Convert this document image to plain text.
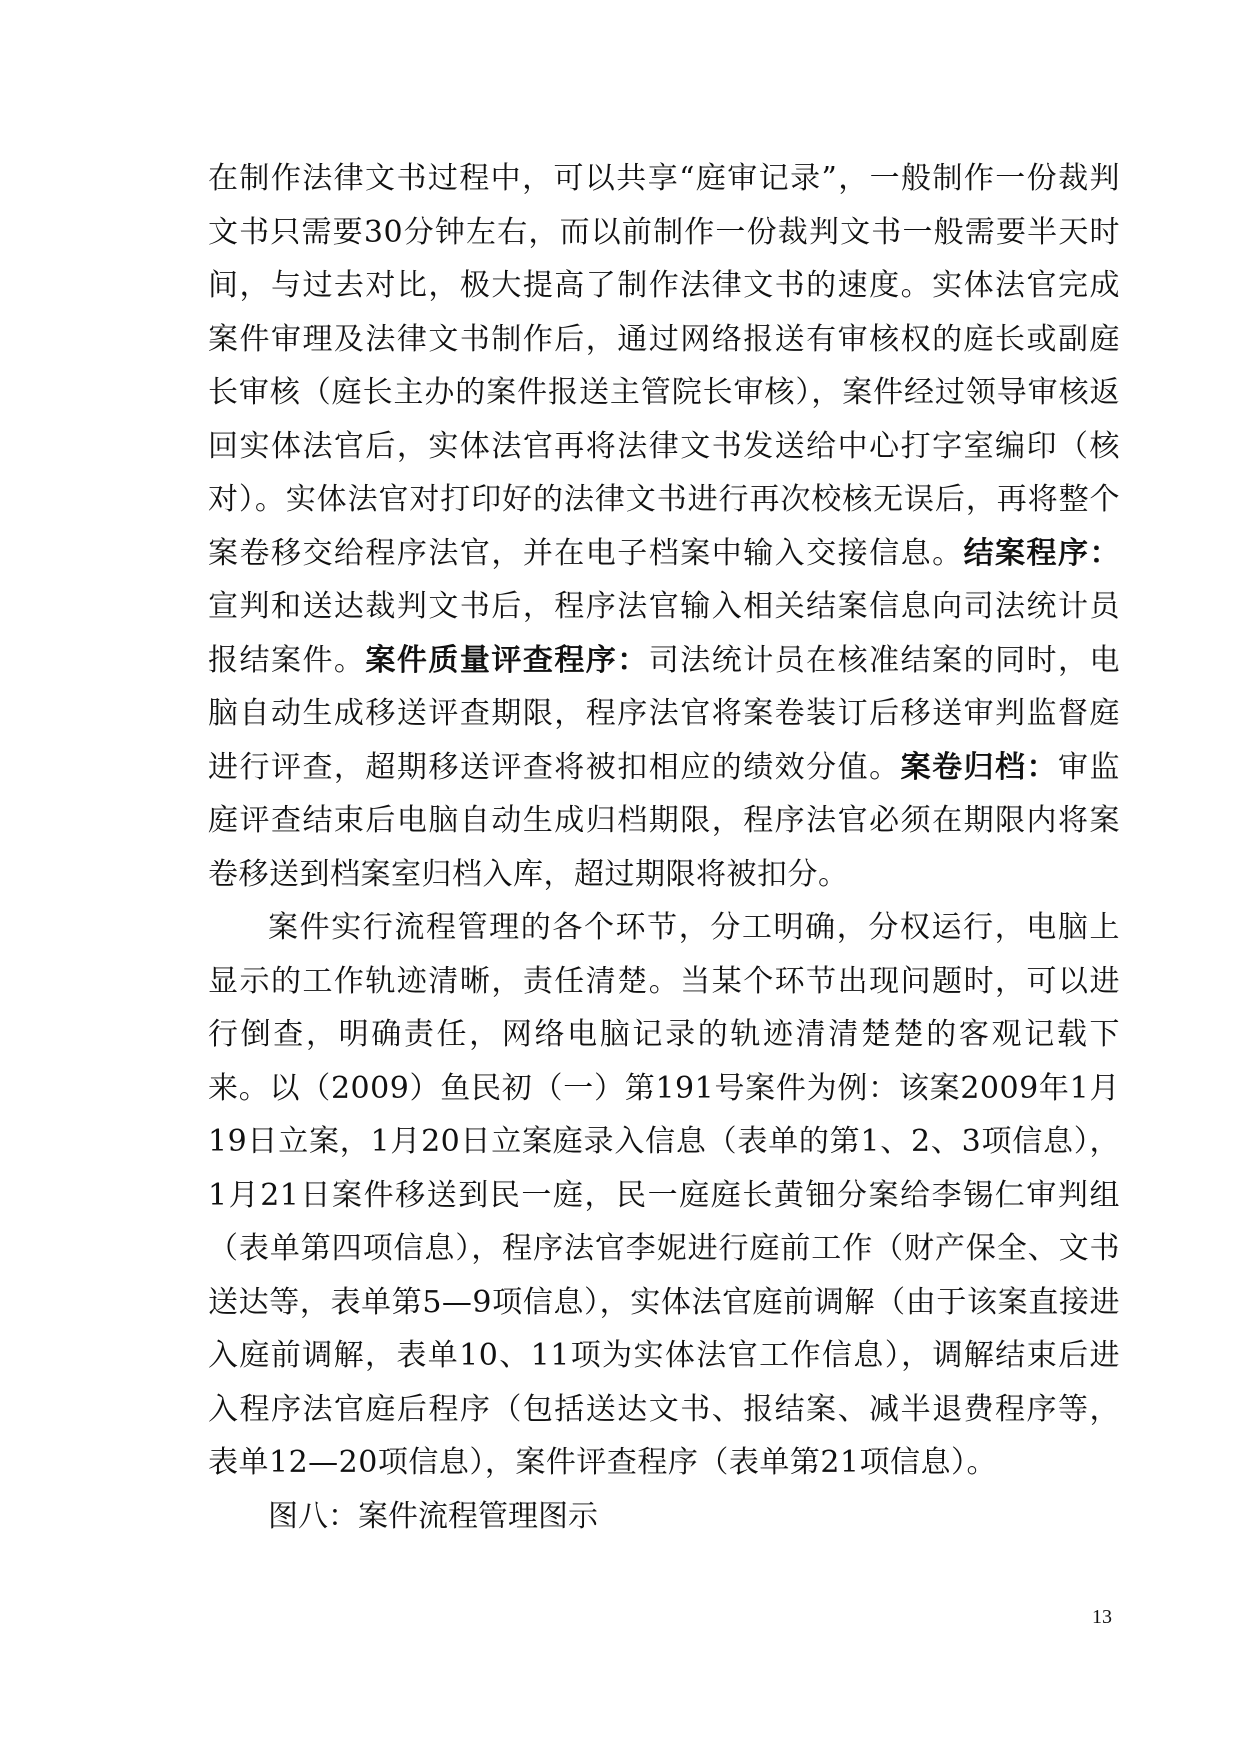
在制作法律文书过程中，可以共享“庭审记录”，一般制作一份裁判文书只需要30分钟左右，而以前制作一份裁判文书一般需要半天时间，与过去对比，极大提高了制作法律文书的速度。实体法官完成案件审理及法律文书制作后，通过网络报送有审核权的庭长或副庭长审核（庭长主办的案件报送主管院长审核），案件经过领导审核返回实体法官后，实体法官再将法律文书发送给中心打字室编印（核对）。实体法官对打印好的法律文书进行再次校核无误后，再将整个案卷移交给程序法官，并在电子档案中输入交接信息。结案程序：宣判和送达裁判文书后，程序法官输入相关结案信息向司法统计员报结案件。案件质量评查程序：司法统计员在核准结案的同时，电脑自动生成移送评查期限，程序法官将案卷装订后移送审判监督庭进行评查，超期移送评查将被扣相应的绩效分值。案卷归档：审监庭评查结束后电脑自动生成归档期限，程序法官必须在期限内将案卷移送到档案室归档入库，超过期限将被扣分。

案件实行流程管理的各个环节，分工明确，分权运行，电脑上显示的工作轨迹清晰，责任清楚。当某个环节出现问题时，可以进行倒查，明确责任，网络电脑记录的轨迹清清楚楚的客观记载下来。以（2009）鱼民初（一）第191号案件为例：该案2009年1月19日立案，1月20日立案庭录入信息（表单的第1、2、3项信息），1月21日案件移送到民一庭，民一庭庭长黄钿分案给李锡仁审判组（表单第四项信息），程序法官李妮进行庭前工作（财产保全、文书送达等，表单第5—9项信息），实体法官庭前调解（由于该案直接进入庭前调解，表单10、11项为实体法官工作信息），调解结束后进入程序法官庭后程序（包括送达文书、报结案、减半退费程序等，表单12—20项信息），案件评查程序（表单第21项信息）。

图八：案件流程管理图示

13
